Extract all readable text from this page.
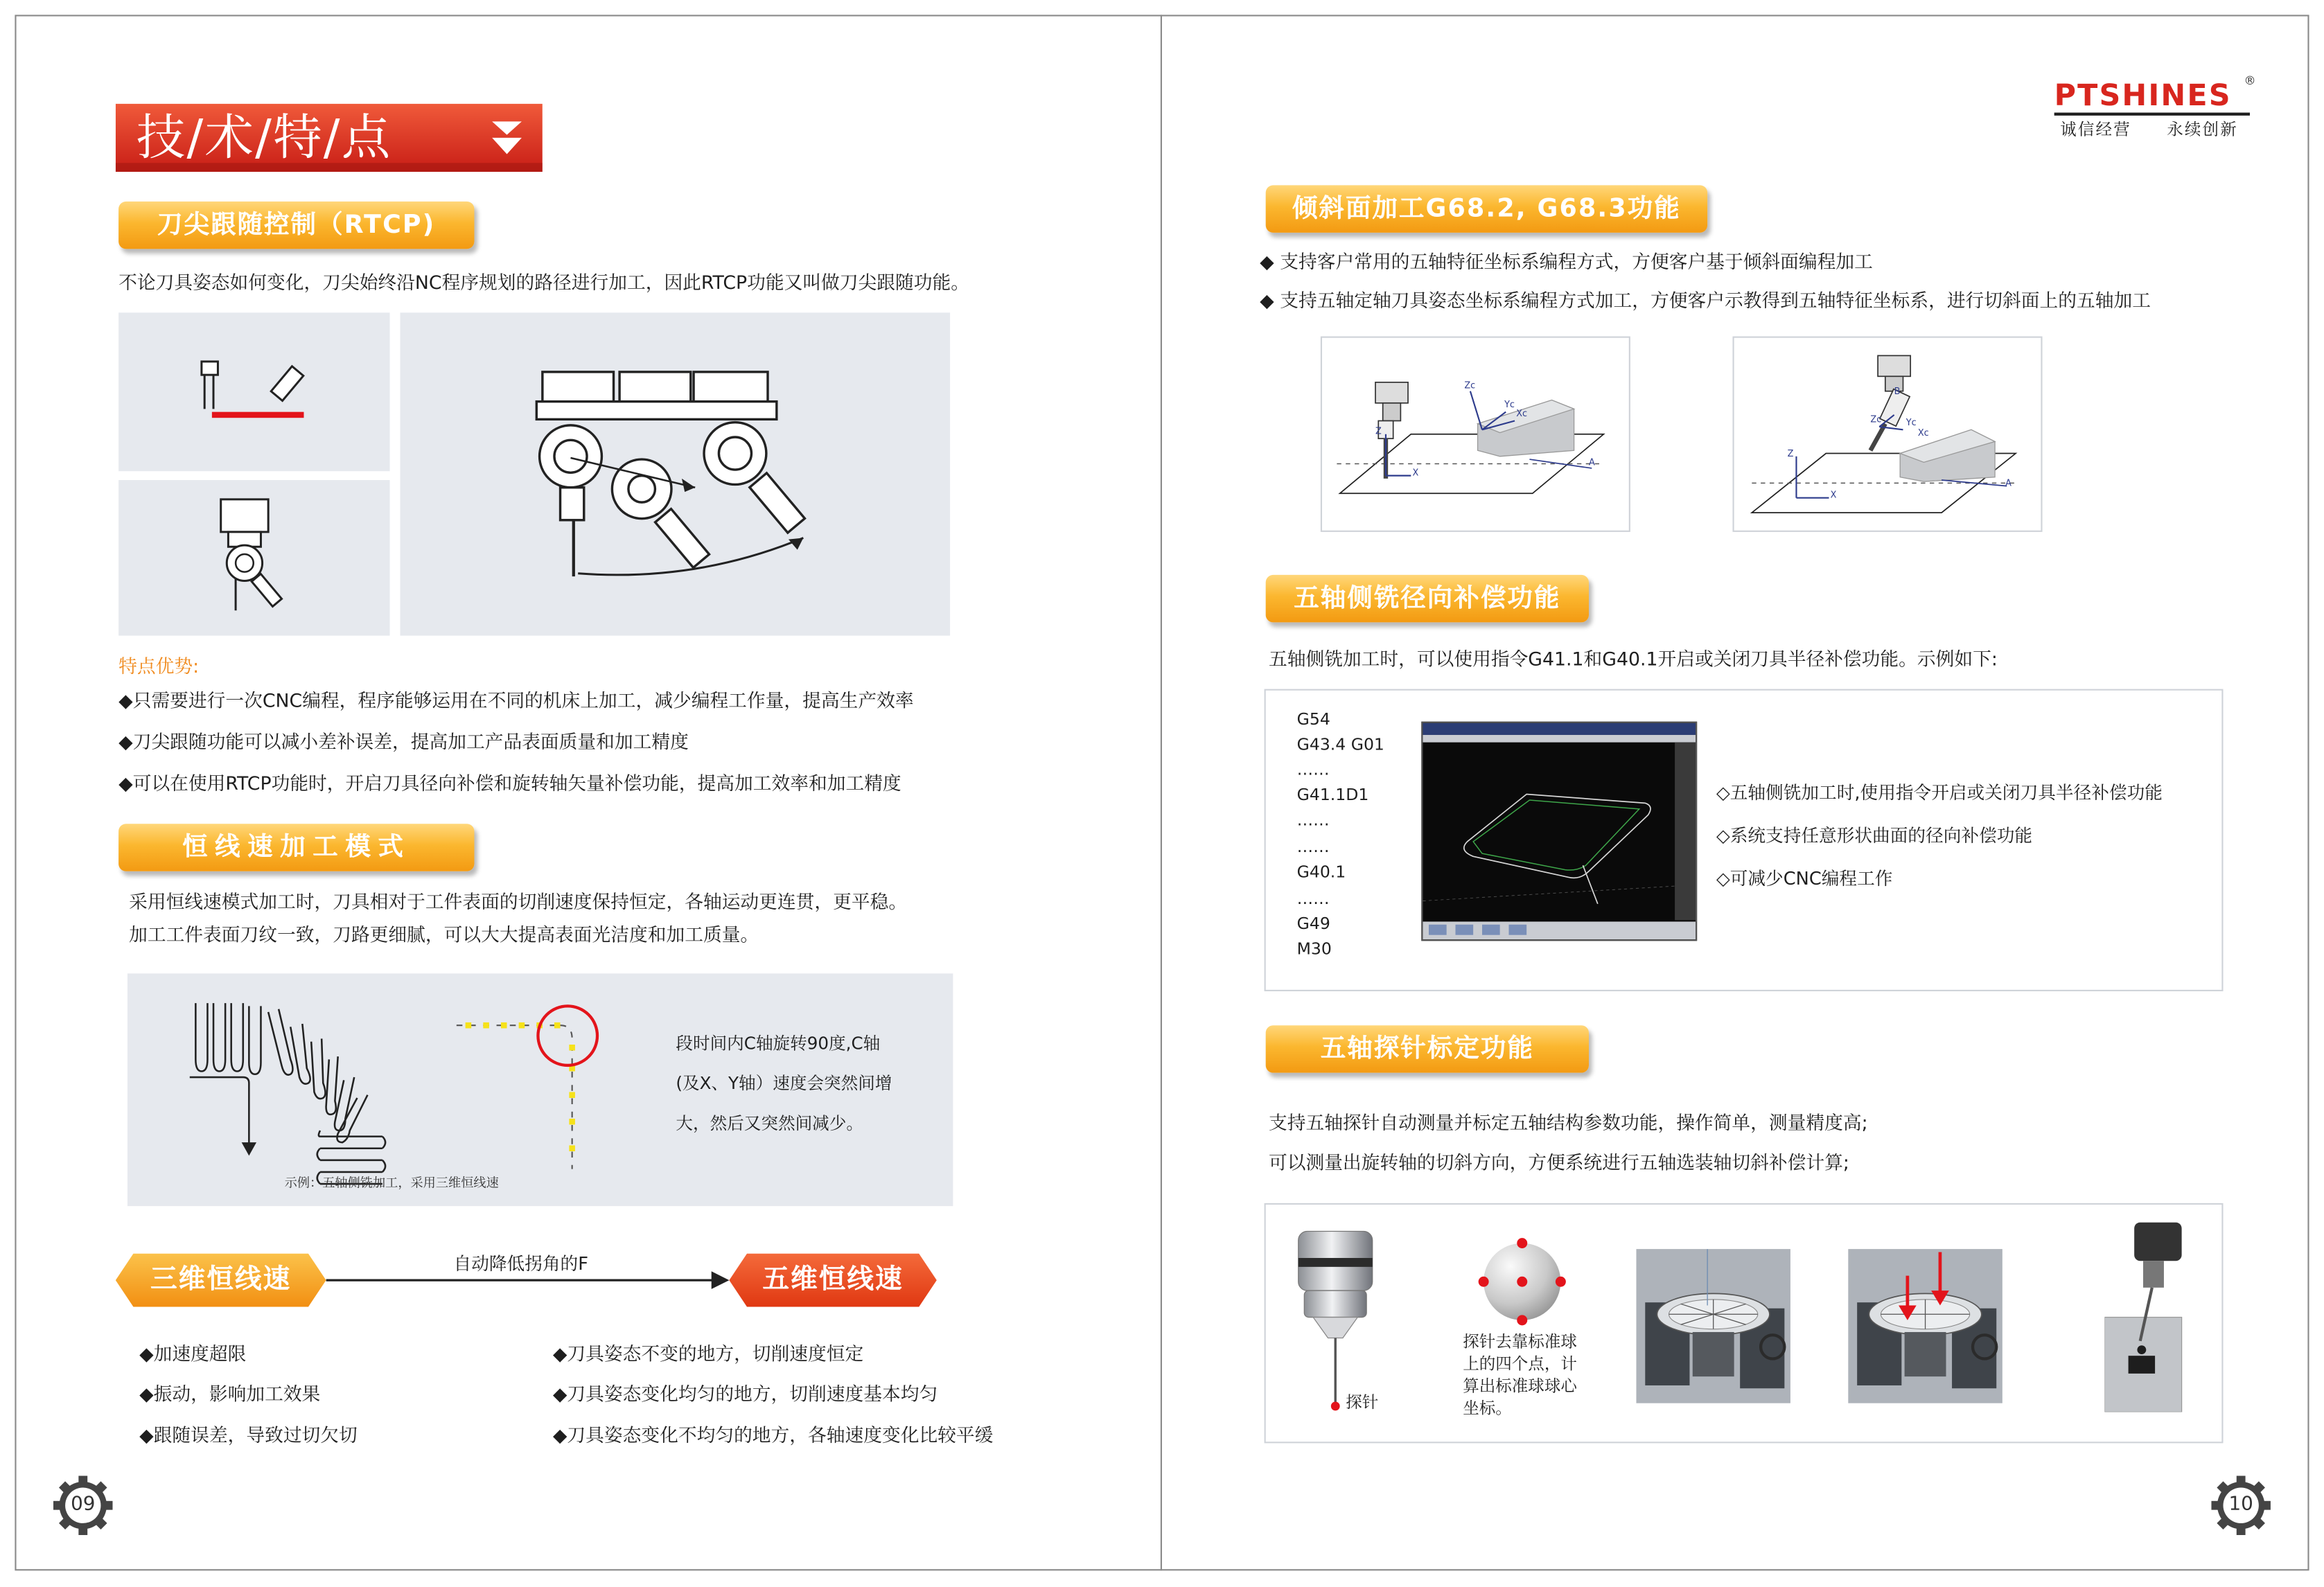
技/术/特/点
刀尖跟随控制（RTCP)
不论刀具姿态如何变化，刀尖始终沿NC程序规划的路径进行加工，因此RTCP功能又叫做刀尖跟随功能。
特点优势:
◆只需要进行一次CNC编程，程序能够运用在不同的机床上加工，减少编程工作量，提高生产效率
◆刀尖跟随功能可以减小差补误差，提高加工产品表面质量和加工精度
◆可以在使用RTCP功能时，开启刀具径向补偿和旋转轴矢量补偿功能，提高加工效率和加工精度
恒线速加工模式
采用恒线速模式加工时，刀具相对于工件表面的切削速度保持恒定，各轴运动更连贯，更平稳。
加工工件表面刀纹一致，刀路更细腻，可以大大提高表面光洁度和加工质量。
段时间内C轴旋转90度,C轴
(及X、Y轴）速度会突然间增
大，然后又突然间减少。
示例：五轴侧铣加工，采用三维恒线速
三维恒线速	自动降低拐角的F	五维恒线速
◆加速度超限
◆振动，影响加工效果
◆跟随误差，导致过切欠切
◆刀具姿态不变的地方，切削速度恒定
◆刀具姿态变化均匀的地方，切削速度基本均匀
◆刀具姿态变化不均匀的地方，各轴速度变化比较平缓
09
PTSHINES ®
诚信经营	永续创新
倾斜面加工G68.2, G68.3功能
◆ 支持客户常用的五轴特征坐标系编程方式，方便客户基于倾斜面编程加工
◆ 支持五轴定轴刀具姿态坐标系编程方式加工，方便客户示教得到五轴特征坐标系，进行切斜面上的五轴加工
Zc
Yc
Xc
Z
X
A
B
Zc	Yc
Xc
Z
X
A
五轴侧铣径向补偿功能
五轴侧铣加工时，可以使用指令G41.1和G40.1开启或关闭刀具半径补偿功能。示例如下:
G54
G43.4 G01
……
G41.1D1
……
……
G40.1
……
G49
M30
◇五轴侧铣加工时,使用指令开启或关闭刀具半径补偿功能
◇系统支持任意形状曲面的径向补偿功能
◇可减少CNC编程工作
五轴探针标定功能
支持五轴探针自动测量并标定五轴结构参数功能，操作简单，测量精度高;
可以测量出旋转轴的切斜方向，方便系统进行五轴选装轴切斜补偿计算;
探针
探针去靠标准球
上的四个点，计
算出标准球球心
坐标。
10
